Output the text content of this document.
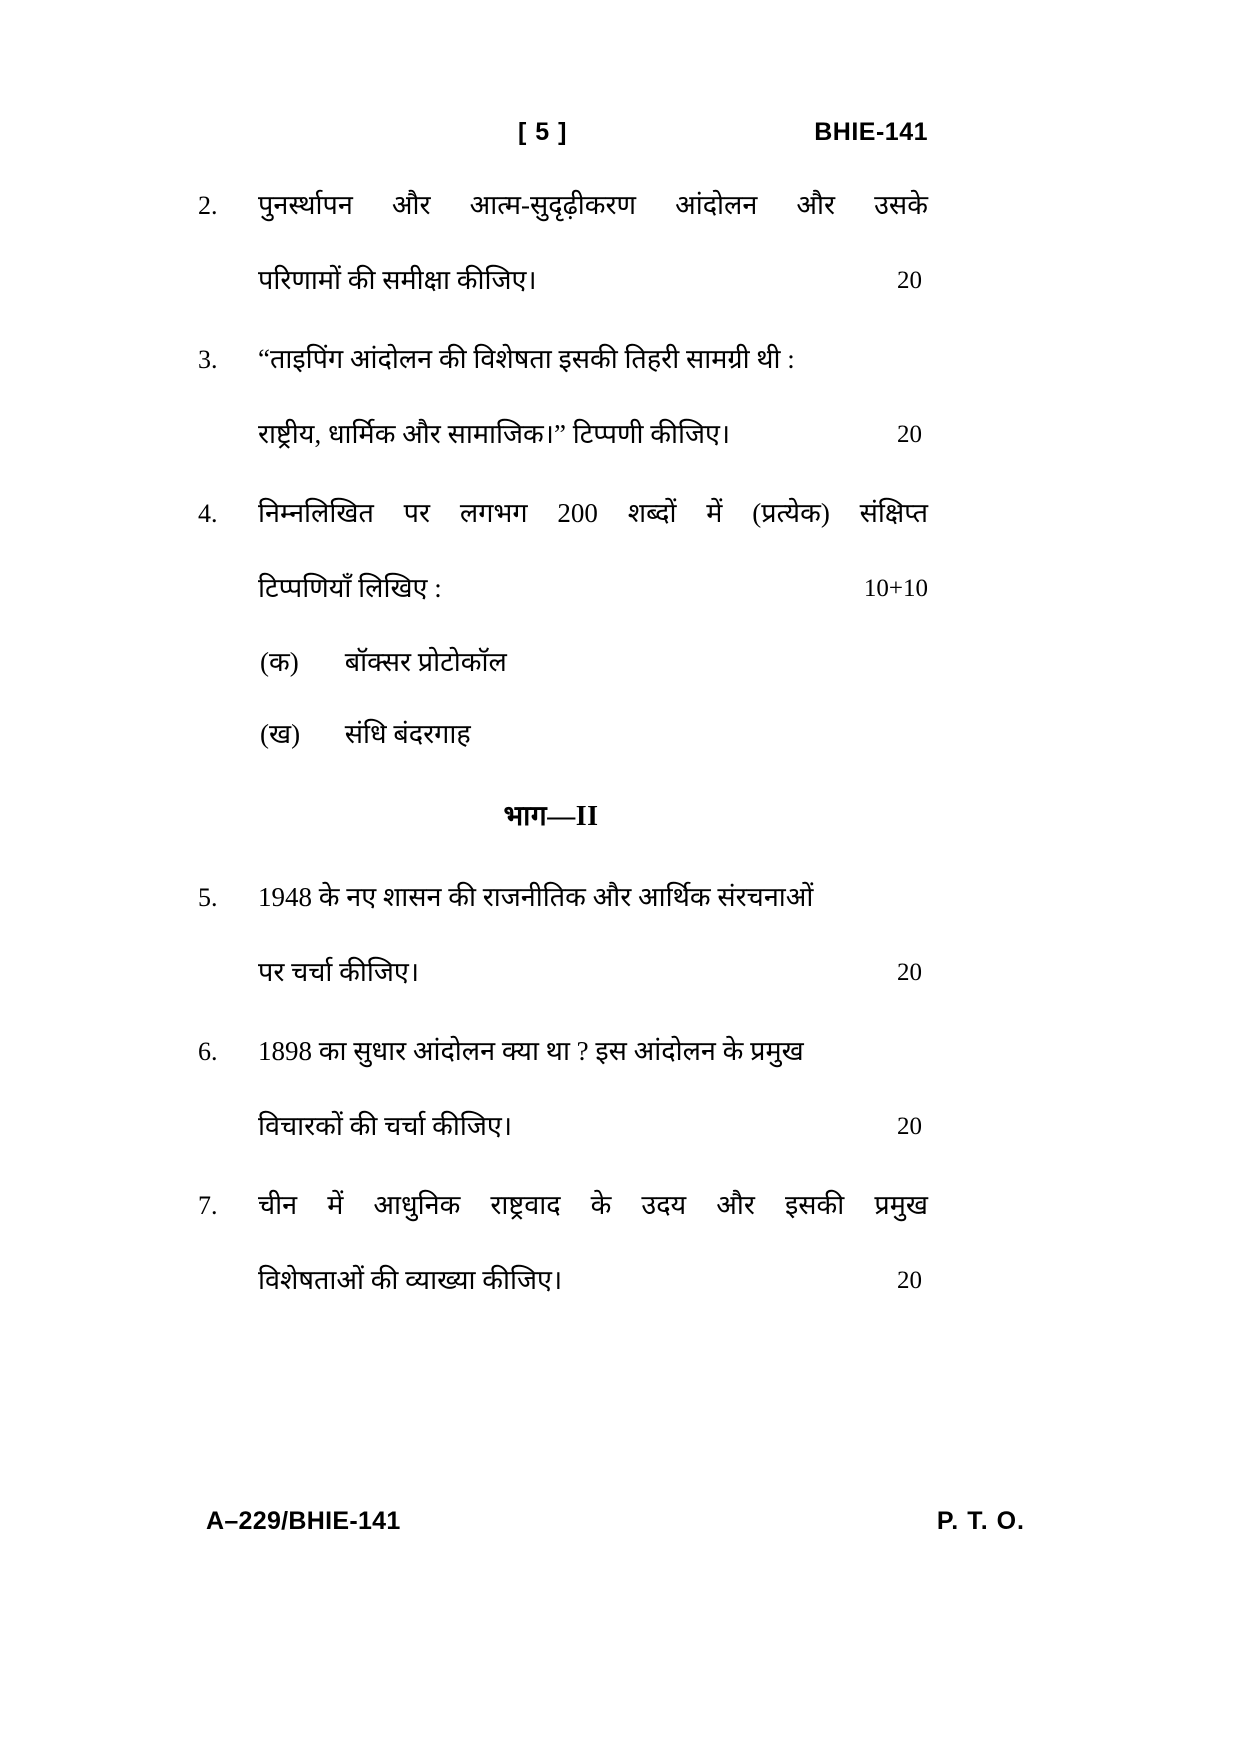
[ 5 ]	BHIE-141
2.	पुनर्स्थापन और आत्म-सुदृढ़ीकरण आंदोलन और उसके
परिणामों की समीक्षा कीजिए।	20
3.	“ताइपिंग आंदोलन की विशेषता इसकी तिहरी सामग्री थी :
राष्ट्रीय, धार्मिक और सामाजिक।” टिप्पणी कीजिए।	20
4.	निम्नलिखित पर लगभग 200 शब्दों में (प्रत्येक) संक्षिप्त
टिप्पणियाँ लिखिए :	10+10
(क) बॉक्सर प्रोटोकॉल
(ख) संधि बंदरगाह
भाग—II
5.	1948 के नए शासन की राजनीतिक और आर्थिक संरचनाओं
पर चर्चा कीजिए।	20
6.	1898 का सुधार आंदोलन क्या था ? इस आंदोलन के प्रमुख
विचारकों की चर्चा कीजिए।	20
7.	चीन में आधुनिक राष्ट्रवाद के उदय और इसकी प्रमुख
विशेषताओं की व्याख्या कीजिए।	20
A–229/BHIE-141	P. T. O.
